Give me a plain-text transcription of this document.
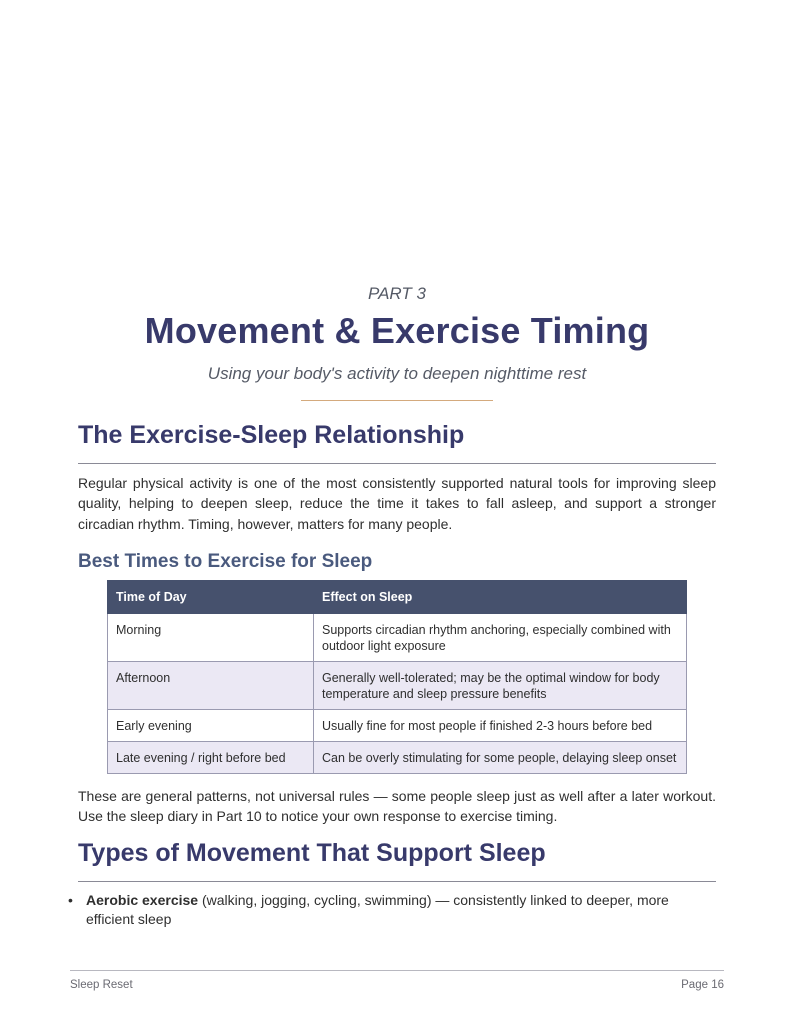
PART 3
Movement & Exercise Timing
Using your body's activity to deepen nighttime rest
The Exercise-Sleep Relationship

Regular physical activity is one of the most consistently supported natural tools for improving sleep quality, helping to deepen sleep, reduce the time it takes to fall asleep, and support a stronger circadian rhythm. Timing, however, matters for many people.

Best Times to Exercise for Sleep
Time of Day	Effect on Sleep
Morning	Supports circadian rhythm anchoring, especially combined with outdoor light exposure
Afternoon	Generally well-tolerated; may be the optimal window for body temperature and sleep pressure benefits
Early evening	Usually fine for most people if finished 2-3 hours before bed
Late evening / right before bed	Can be overly stimulating for some people, delaying sleep onset

These are general patterns, not universal rules — some people sleep just as well after a later workout. Use the sleep diary in Part 10 to notice your own response to exercise timing.

Types of Movement That Support Sleep
• Aerobic exercise (walking, jogging, cycling, swimming) — consistently linked to deeper, more efficient sleep
Sleep Reset	Page 16
